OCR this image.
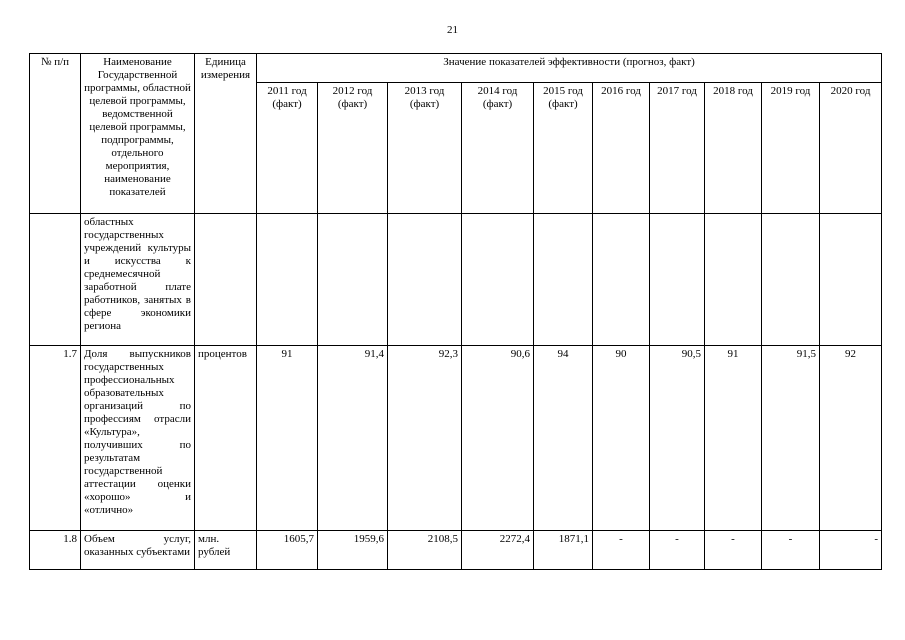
21
№ п/п	Наименование Государственной программы, областной целевой программы, ведомственной целевой программы, подпрограммы, отдельного мероприятия, наименование показателей	Единица измерения	Значение показателей эффективности (прогноз, факт)									
			2011 год (факт)	2012 год (факт)	2013 год (факт)	2014 год (факт)	2015 год (факт)	2016 год	2017 год	2018 год	2019 год	2020 год
	областных государственных учреждений культуры и искусства к среднемесячной заработной плате работников, занятых в сфере экономики региона											
1.7	Доля выпускников государственных профессиональных образовательных организаций по профессиям отрасли «Культура», получивших по результатам государственной аттестации оценки «хорошо» и «отлично»	процентов	91	91,4	92,3	90,6	94	90	90,5	91	91,5	92
1.8	Объем услуг, оказанных субъектами	млн. рублей	1605,7	1959,6	2108,5	2272,4	1871,1	-	-	-	-	-
